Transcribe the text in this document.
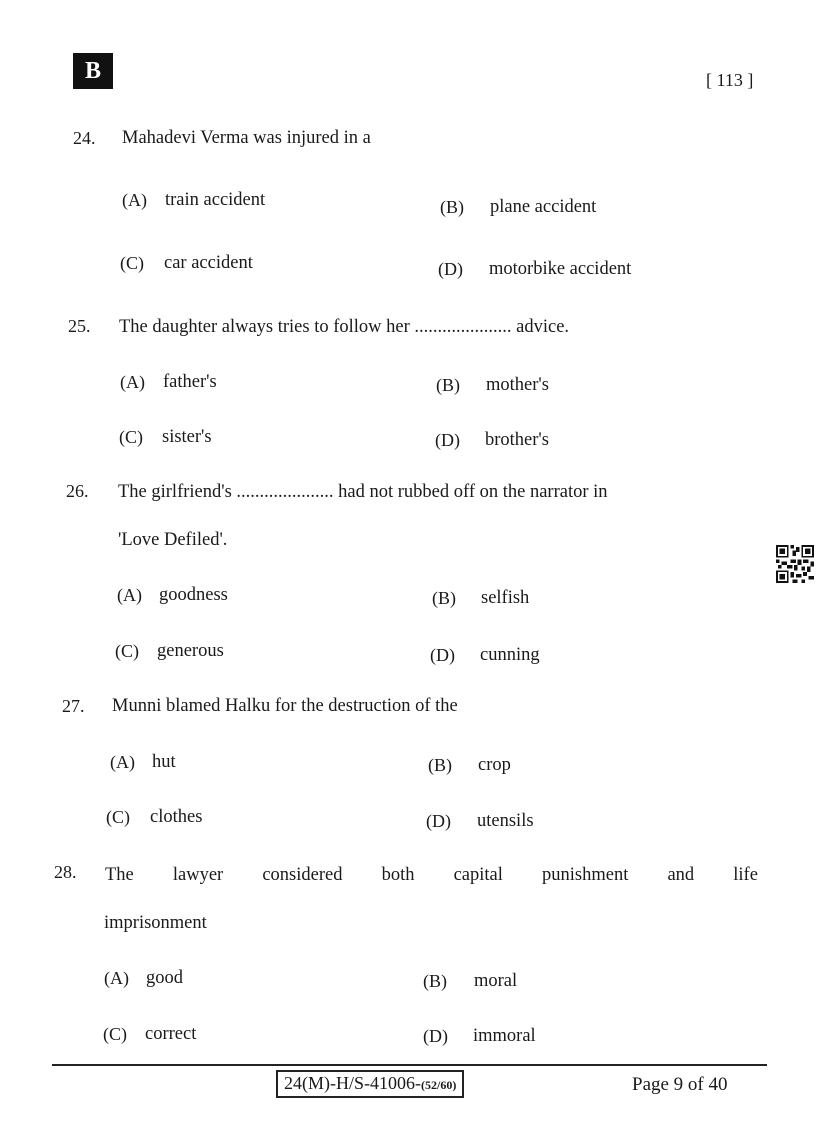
B	[ 113 ]
24. Mahadevi Verma was injured in a
(A) train accident	(B) plane accident
(C) car accident	(D) motorbike accident
25. The daughter always tries to follow her ..................... advice.
(A) father's	(B) mother's
(C) sister's	(D) brother's
26. The girlfriend's ..................... had not rubbed off on the narrator in
'Love Defiled'.
(A) goodness	(B) selfish
(C) generous	(D) cunning
27. Munni blamed Halku for the destruction of the
(A) hut	(B) crop
(C) clothes	(D) utensils
28. The lawyer considered both capital punishment and life
imprisonment
(A) good	(B) moral
(C) correct	(D) immoral
24(M)-H/S-41006-(52/60)	Page 9 of 40
